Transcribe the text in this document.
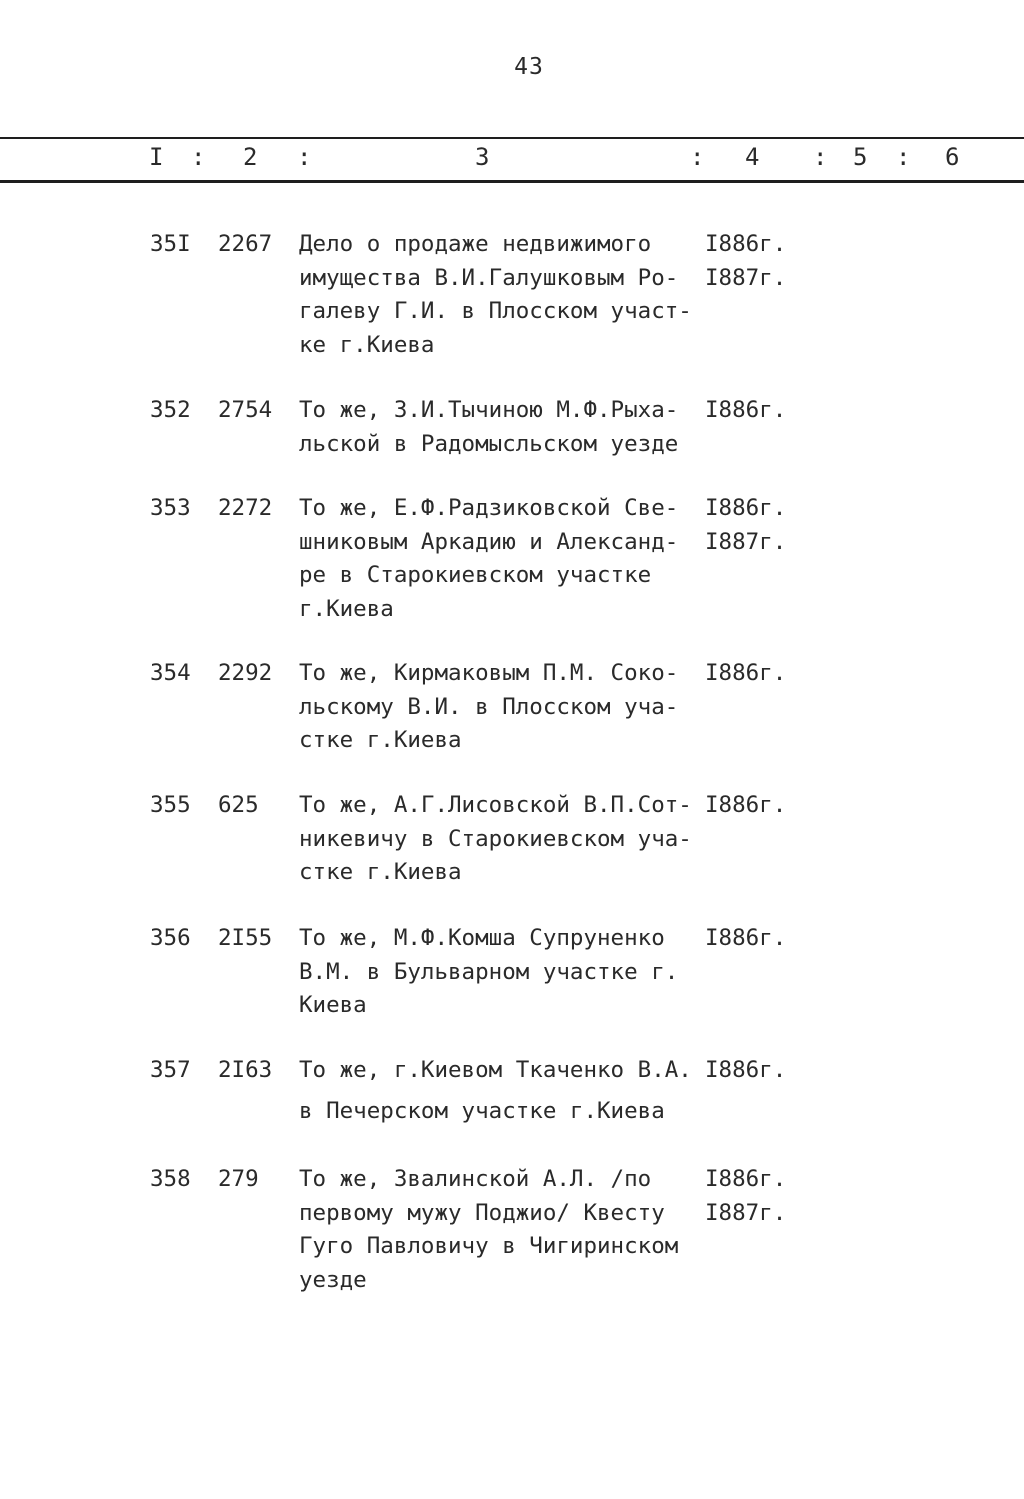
43
I : 2 :	3	: 4 : 5 : 6
35I 2267 Дело о продаже недвижимого
имущества В.И.Галушковым Ро-
галеву Г.И. в Плосском участ-
ке г.Киева
I886г.
I887г.
352 2754 То же, З.И.Тычиною М.Ф.Рыха-
льской в Радомысльском уезде
I886г.
353 2272 То же, Е.Ф.Радзиковской Све-
шниковым Аркадию и Александ-
ре в Старокиевском участке
г.Киева
I886г.
I887г.
354 2292 То же, Кирмаковым П.М. Соко-
льскому В.И. в Плосском уча-
стке г.Киева
I886г.
355 625 То же, А.Г.Лисовской В.П.Сот-
никевичу в Старокиевском уча-
стке г.Киева
I886г.
356 2I55 То же, М.Ф.Комша Супруненко
В.М. в Бульварном участке г.
Киева
I886г.
357 2I63 То же, г.Киевом Ткаченко В.А.
в Печерском участке г.Киева
I886г.
358 279 То же, Звалинской А.Л. /по
первому мужу Поджио/ Квесту
Гуго Павловичу в Чигиринском
уезде
I886г.
I887г.
